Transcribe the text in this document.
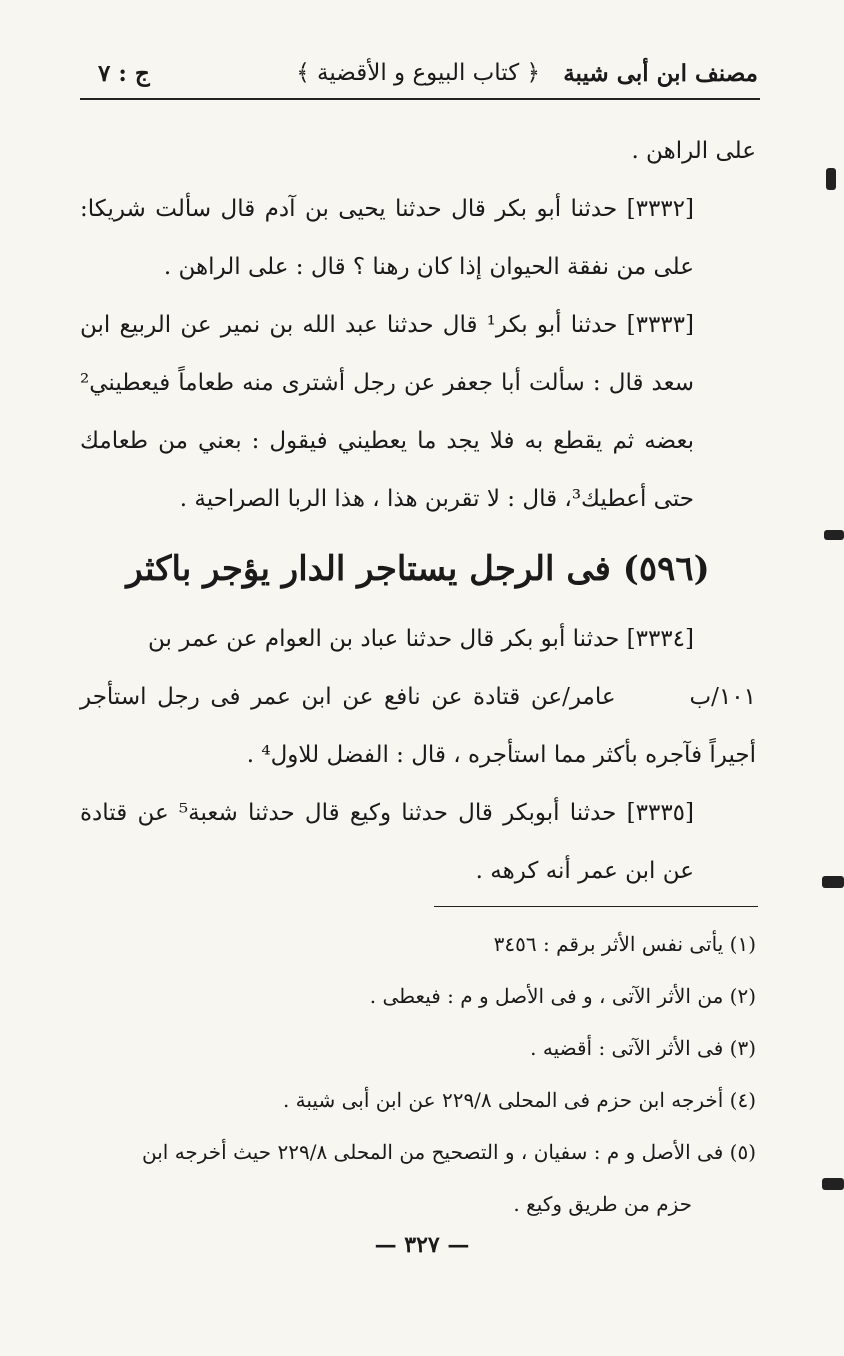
مصنف ابن أبى شيبة
﴿ كتاب البيوع و الأقضية ﴾
ج : ٧

على الراهن .

[٣٣٣٢] حدثنا أبو بكر قال حدثنا يحيى بن آدم قال سألت شريكا: على من نفقة الحيوان إذا كان رهنا ؟ قال : على الراهن .

[٣٣٣٣] حدثنا أبو بكر¹ قال حدثنا عبد الله بن نمير عن الربيع ابن سعد قال : سألت أبا جعفر عن رجل أشترى منه طعاماً فيعطيني² بعضه ثم يقطع به فلا يجد ما يعطيني فيقول : بعني من طعامك حتى أعطيك³، قال : لا تقربن هذا ، هذا الربا الصراحية .

(٥٩٦) فى الرجل يستاجر الدار يؤجر باكثر

[٣٣٣٤] حدثنا أبو بكر قال حدثنا عباد بن العوام عن عمر بن

١٠١/ب       عامر/عن قتادة عن نافع عن ابن عمر فى رجل استأجر أجيراً فآجره بأكثر مما استأجره ، قال : الفضل للاول⁴ .

[٣٣٣٥] حدثنا أبوبكر قال حدثنا وكيع قال حدثنا شعبة⁵ عن قتادة عن ابن عمر أنه كرهه .

(١) يأتى نفس الأثر برقم : ٣٤٥٦

(٢) من الأثر الآتى ، و فى الأصل و م : فيعطى .

(٣) فى الأثر الآتى : أقضيه .

(٤) أخرجه ابن حزم فى المحلى ٢٢٩/٨ عن ابن أبى شيبة .

(٥) فى الأصل و م : سفيان ، و التصحيح من المحلى ٢٢٩/٨ حيث أخرجه ابن

حزم من طريق وكيع .

— ٣٢٧ —
